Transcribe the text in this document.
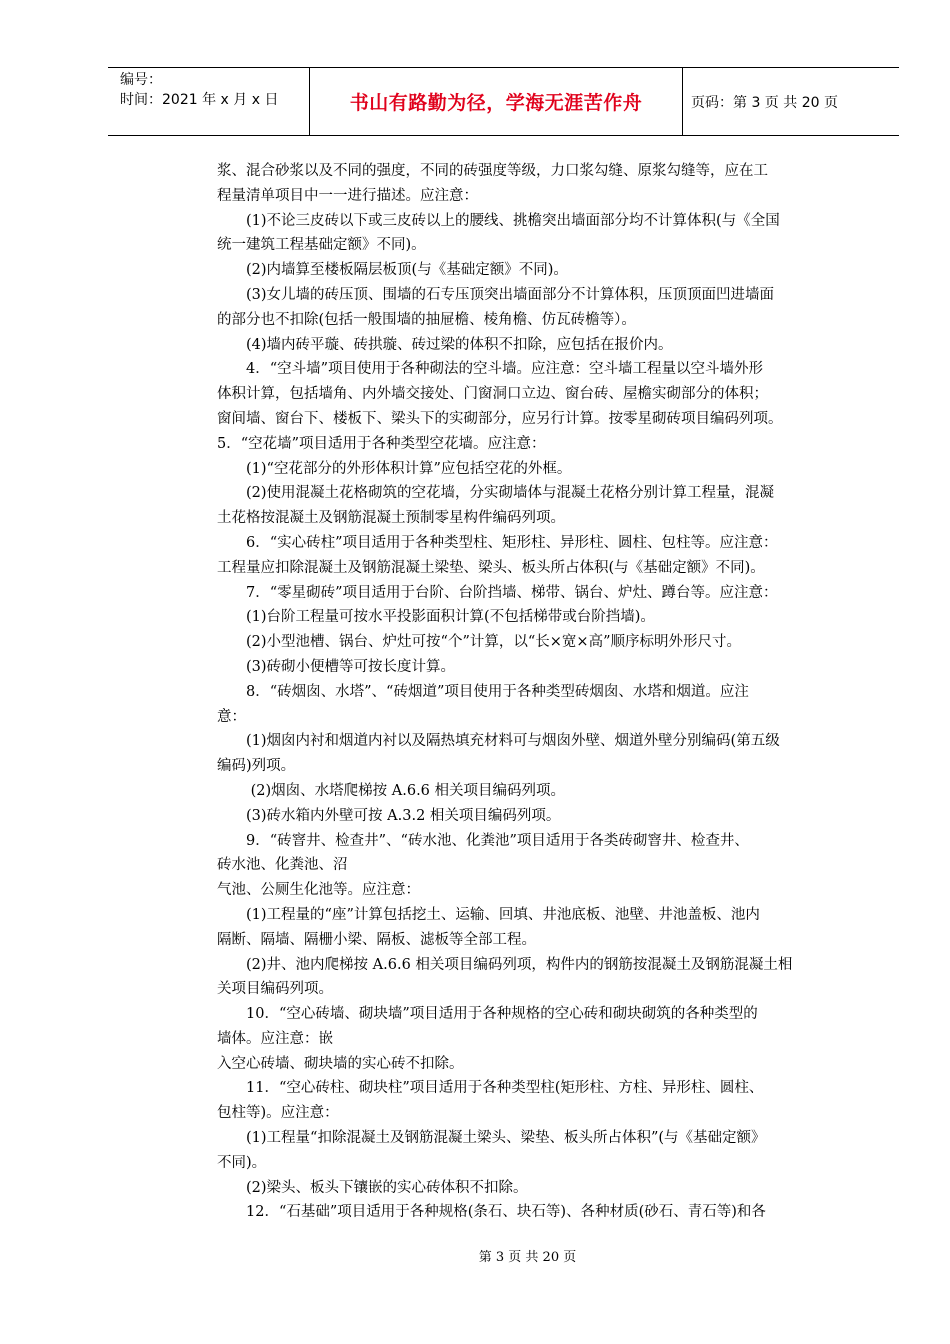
编号：
时间：2021 年 x 月 x 日	书山有路勤为径，学海无涯苦作舟	页码：第 3 页 共 20 页

浆、混合砂浆以及不同的强度，不同的砖强度等级，力口浆勾缝、原浆勾缝等，应在工

程量清单项目中一一进行描述。应注意：

　　(1)不论三皮砖以下或三皮砖以上的腰线、挑檐突出墙面部分均不计算体积(与《全国

统一建筑工程基础定额》不同)。

　　(2)内墙算至楼板隔层板顶(与《基础定额》不同)。

　　(3)女儿墙的砖压顶、围墙的石专压顶突出墙面部分不计算体积，压顶顶面凹进墙面

的部分也不扣除(包括一般围墙的抽屉檐、棱角檐、仿瓦砖檐等）。

　　(4)墙内砖平璇、砖拱璇、砖过梁的体积不扣除，应包括在报价内。

　　4．“空斗墙”项目使用于各种砌法的空斗墙。应注意：空斗墙工程量以空斗墙外形

体积计算，包括墙角、内外墙交接处、门窗洞口立边、窗台砖、屋檐实砌部分的体积；

窗间墙、窗台下、楼板下、梁头下的实砌部分，应另行计算。按零星砌砖项目编码列项。

5．“空花墙”项目适用于各种类型空花墙。应注意：

　　(1)“空花部分的外形体积计算”应包括空花的外框。

　　(2)使用混凝土花格砌筑的空花墙，分实砌墙体与混凝土花格分别计算工程量，混凝

土花格按混凝土及钢筋混凝土预制零星构件编码列项。

　　6．“实心砖柱”项目适用于各种类型柱、矩形柱、异形柱、圆柱、包柱等。应注意：

工程量应扣除混凝土及钢筋混凝土梁垫、梁头、板头所占体积(与《基础定额》不同)。

　　7．“零星砌砖”项目适用于台阶、台阶挡墙、梯带、锅台、炉灶、蹲台等。应注意：

　　(1)台阶工程量可按水平投影面积计算(不包括梯带或台阶挡墙)。

　　(2)小型池槽、锅台、炉灶可按“个”计算，以“长×宽×高”顺序标明外形尺寸。

　　(3)砖砌小便槽等可按长度计算。

　　8．“砖烟囱、水塔”、“砖烟道”项目使用于各种类型砖烟囱、水塔和烟道。应注

意：

　　(1)烟囱内衬和烟道内衬以及隔热填充材料可与烟囱外壁、烟道外壁分别编码(第五级

编码)列项。

　　 (2)烟囱、水塔爬梯按 A.6.6 相关项目编码列项。

　　(3)砖水箱内外壁可按 A.3.2 相关项目编码列项。

　　9．“砖窨井、检查井”、“砖水池、化粪池”项目适用于各类砖砌窨井、检查井、

砖水池、化粪池、沼

气池、公厕生化池等。应注意：

　　(1)工程量的“座”计算包括挖土、运输、回填、井池底板、池壁、井池盖板、池内

隔断、隔墙、隔栅小梁、隔板、滤板等全部工程。

　　(2)井、池内爬梯按 A.6.6 相关项目编码列项，构件内的钢筋按混凝土及钢筋混凝土相

关项目编码列项。

　　10．“空心砖墙、砌块墙”项目适用于各种规格的空心砖和砌块砌筑的各种类型的

墙体。应注意：嵌

入空心砖墙、砌块墙的实心砖不扣除。

　　11．“空心砖柱、砌块柱”项目适用于各种类型柱(矩形柱、方柱、异形柱、圆柱、

包柱等)。应注意：

　　(1)工程量“扣除混凝土及钢筋混凝土梁头、梁垫、板头所占体积”(与《基础定额》

不同)。

　　(2)梁头、板头下镶嵌的实心砖体积不扣除。

　　12．“石基础”项目适用于各种规格(条石、块石等)、各种材质(砂石、青石等)和各

第 3 页 共 20 页
